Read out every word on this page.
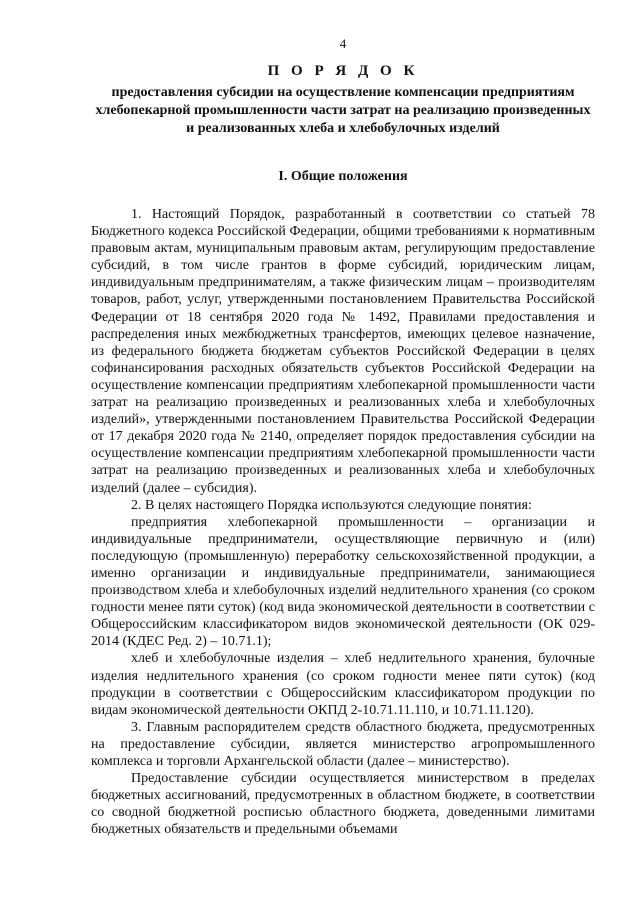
4
П О Р Я Д О К
предоставления субсидии на осуществление компенсации предприятиям хлебопекарной промышленности части затрат на реализацию произведенных и реализованных хлеба и хлебобулочных изделий
I. Общие положения

1. Настоящий Порядок, разработанный в соответствии со статьей 78 Бюджетного кодекса Российской Федерации, общими требованиями к нормативным правовым актам, муниципальным правовым актам, регулирующим предоставление субсидий, в том числе грантов в форме субсидий, юридическим лицам, индивидуальным предпринимателям, а также физическим лицам – производителям товаров, работ, услуг, утвержденными постановлением Правительства Российской Федерации от 18 сентября 2020 года № 1492, Правилами предоставления и распределения иных межбюджетных трансфертов, имеющих целевое назначение, из федерального бюджета бюджетам субъектов Российской Федерации в целях софинансирования расходных обязательств субъектов Российской Федерации на осуществление компенсации предприятиям хлебопекарной промышленности части затрат на реализацию произведенных и реализованных хлеба и хлебобулочных изделий», утвержденными постановлением Правительства Российской Федерации от 17 декабря 2020 года № 2140, определяет порядок предоставления субсидии на осуществление компенсации предприятиям хлебопекарной промышленности части затрат на реализацию произведенных и реализованных хлеба и хлебобулочных изделий (далее – субсидия).

2. В целях настоящего Порядка используются следующие понятия:

предприятия хлебопекарной промышленности – организации и индивидуальные предприниматели, осуществляющие первичную и (или) последующую (промышленную) переработку сельскохозяйственной продукции, а именно организации и индивидуальные предприниматели, занимающиеся производством хлеба и хлебобулочных изделий недлительного хранения (со сроком годности менее пяти суток) (код вида экономической деятельности в соответствии с Общероссийским классификатором видов экономической деятельности (ОК 029-2014 (КДЕС Ред. 2) – 10.71.1);

хлеб и хлебобулочные изделия – хлеб недлительного хранения, булочные изделия недлительного хранения (со сроком годности менее пяти суток) (код продукции в соответствии с Общероссийским классификатором продукции по видам экономической деятельности ОКПД 2-10.71.11.110, и 10.71.11.120).

3. Главным распорядителем средств областного бюджета, предусмотренных на предоставление субсидии, является министерство агропромышленного комплекса и торговли Архангельской области (далее – министерство).

Предоставление субсидии осуществляется министерством в пределах бюджетных ассигнований, предусмотренных в областном бюджете, в соответствии со сводной бюджетной росписью областного бюджета, доведенными лимитами бюджетных обязательств и предельными объемами
